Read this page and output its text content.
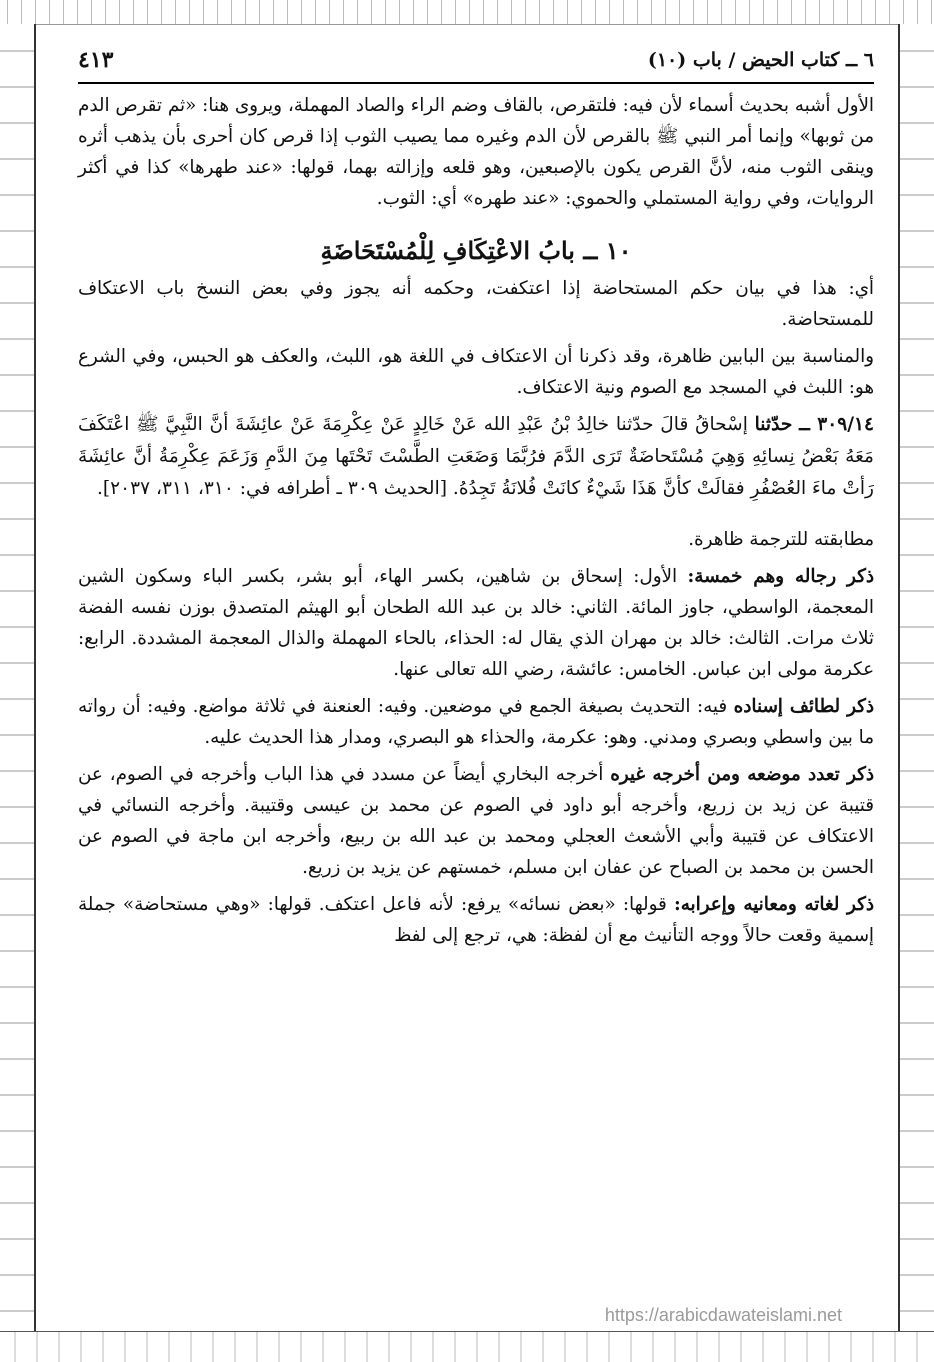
٦ ــ كتاب الحيض / باب (١٠)
٤١٣

الأول أشبه بحديث أسماء لأن فيه: فلتقرص، بالقاف وضم الراء والصاد المهملة، ويروى هنا: «ثم تقرص الدم من ثوبها» وإنما أمر النبي ﷺ بالقرص لأن الدم وغيره مما يصيب الثوب إذا قرص كان أحرى بأن يذهب أثره وينقى الثوب منه، لأنَّ القرص يكون بالإصبعين، وهو قلعه وإزالته بهما، قولها: «عند طهرها» كذا في أكثر الروايات، وفي رواية المستملي والحموي: «عند طهره» أي: الثوب.

١٠ ــ بابُ الاعْتِكَافِ لِلْمُسْتَحَاضَةِ

أي: هذا في بيان حكم المستحاضة إذا اعتكفت، وحكمه أنه يجوز وفي بعض النسخ باب الاعتكاف للمستحاضة.

والمناسبة بين البابين ظاهرة، وقد ذكرنا أن الاعتكاف في اللغة هو، اللبث، والعكف هو الحبس، وفي الشرع هو: اللبث في المسجد مع الصوم ونية الاعتكاف.

٣٠٩/١٤ ــ حدّثنا إسْحاقُ قالَ حدّثنا خالِدُ بْنُ عَبْدِ الله عَنْ خَالِدٍ عَنْ عِكْرِمَةَ عَنْ عائِشَةَ أنَّ النَّبِيَّ ﷺ اعْتَكَفَ مَعَهُ بَعْضُ نِسائِهِ وَهِيَ مُسْتَحاضَةٌ تَرَى الدَّمَ فرُبَّمَا وَضَعَتِ الطَّسْتَ تَحْتَها مِنَ الدَّمِ وَزَعَمَ عِكْرِمَةُ أنَّ عائِشَةَ رَأتْ ماءَ العُصْفُرِ فقالَتْ كأنَّ هَذَا شَيْءٌ كانَتْ فُلانَةُ تَجِدُهُ. [الحديث ٣٠٩ ـ أطرافه في: ٣١٠، ٣١١، ٢٠٣٧].

مطابقته للترجمة ظاهرة.

ذكر رجاله وهم خمسة: الأول: إسحاق بن شاهين، بكسر الهاء، أبو بشر، بكسر الباء وسكون الشين المعجمة، الواسطي، جاوز المائة. الثاني: خالد بن عبد الله الطحان أبو الهيثم المتصدق بوزن نفسه الفضة ثلاث مرات. الثالث: خالد بن مهران الذي يقال له: الحذاء، بالحاء المهملة والذال المعجمة المشددة. الرابع: عكرمة مولى ابن عباس. الخامس: عائشة، رضي الله تعالى عنها.

ذكر لطائف إسناده فيه: التحديث بصيغة الجمع في موضعين. وفيه: العنعنة في ثلاثة مواضع. وفيه: أن رواته ما بين واسطي وبصري ومدني. وهو: عكرمة، والحذاء هو البصري، ومدار هذا الحديث عليه.

ذكر تعدد موضعه ومن أخرجه غيره أخرجه البخاري أيضاً عن مسدد في هذا الباب وأخرجه في الصوم، عن قتيبة عن زيد بن زريع، وأخرجه أبو داود في الصوم عن محمد بن عيسى وقتيبة. وأخرجه النسائي في الاعتكاف عن قتيبة وأبي الأشعث العجلي ومحمد بن عبد الله بن ربيع، وأخرجه ابن ماجة في الصوم عن الحسن بن محمد بن الصباح عن عفان ابن مسلم، خمستهم عن يزيد بن زريع.

ذكر لغاته ومعانيه وإعرابه: قولها: «بعض نسائه» يرفع: لأنه فاعل اعتكف. قولها: «وهي مستحاضة» جملة إسمية وقعت حالاً ووجه التأنيث مع أن لفظة: هي، ترجع إلى لفظ

https://arabicdawateislami.net
